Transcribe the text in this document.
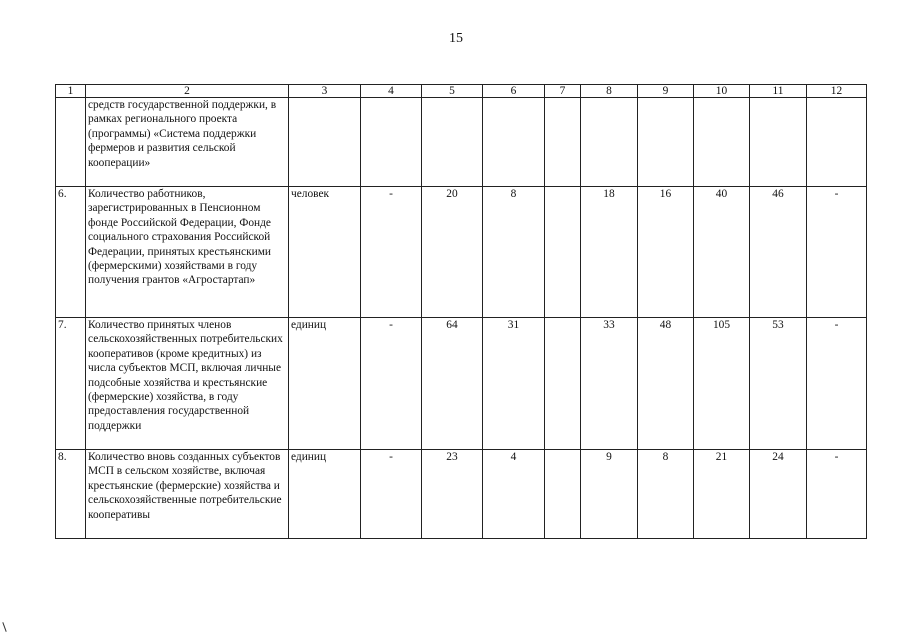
15
1	2	3	4	5	6	7	8	9	10	11	12
	средств государственной поддержки, в рамках регионального проекта (программы) «Система поддержки фермеров и развития сельской кооперации»										
6.	Количество работников, зарегистрированных в Пенсионном фонде Российской Федерации, Фонде социального страхования Российской Федерации, принятых крестьянскими (фермерскими) хозяйствами в году получения грантов «Агростартап»	человек	-	20	8		18	16	40	46	-
7.	Количество принятых членов сельскохозяйственных потребительских кооперативов (кроме кредитных) из числа субъектов МСП, включая личные подсобные хозяйства и крестьянские (фермерские) хозяйства, в году предоставления государственной поддержки	единиц	-	64	31		33	48	105	53	-
8.	Количество вновь созданных субъектов МСП в сельском хозяйстве, включая крестьянские (фермерские) хозяйства и сельскохозяйственные потребительские кооперативы	единиц	-	23	4		9	8	21	24	-
